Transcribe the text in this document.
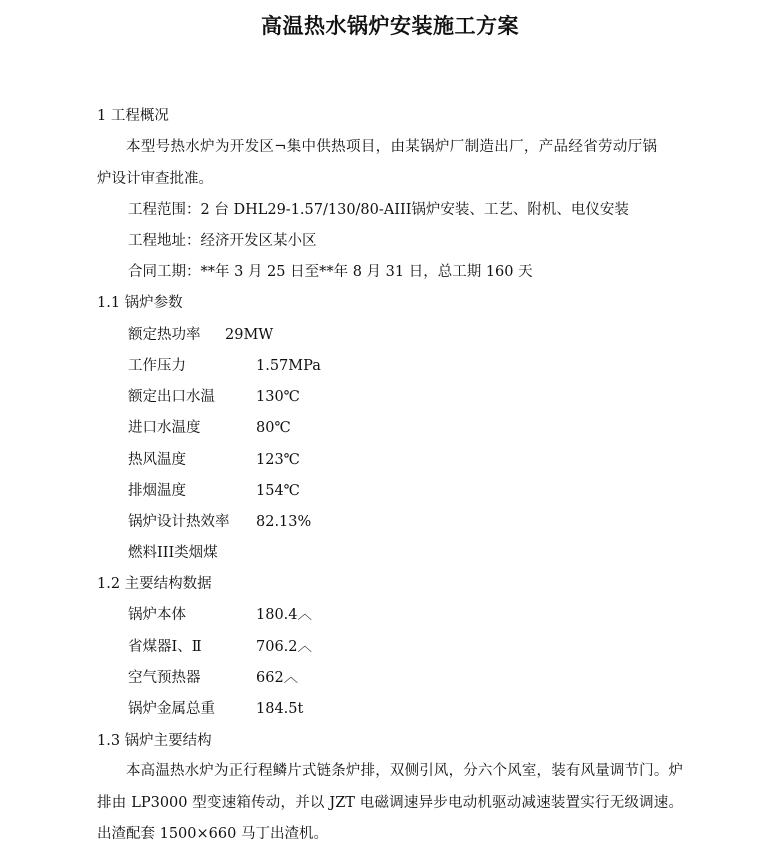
高温热水锅炉安装施工方案
1 工程概况
本型号热水炉为开发区¬集中供热项目，由某锅炉厂制造出厂，产品经省劳动厅锅炉设计审查批准。
工程范围：2 台 DHL29-1.57/130/80-AIII锅炉安装、工艺、附机、电仪安装
工程地址：经济开发区某小区
合同工期：**年 3 月 25 日至**年 8 月 31 日，总工期 160 天
1.1 锅炉参数
额定热功率 29MW
工作压力	1.57MPa
额定出口水温	130℃
进口水温度	80℃
热风温度	123℃
排烟温度	154℃
锅炉设计热效率 82.13%
燃料III类烟煤
1.2 主要结构数据
锅炉本体	180.4︿
省煤器Ⅰ、Ⅱ	706.2︿
空气预热器	662︿
锅炉金属总重	184.5t
1.3 锅炉主要结构
本高温热水炉为正行程鳞片式链条炉排，双侧引风，分六个风室，装有风量调节门。炉排由 LP3000 型变速箱传动，并以 JZT 电磁调速异步电动机驱动减速装置实行无级调速。出渣配套 1500×660 马丁出渣机。
